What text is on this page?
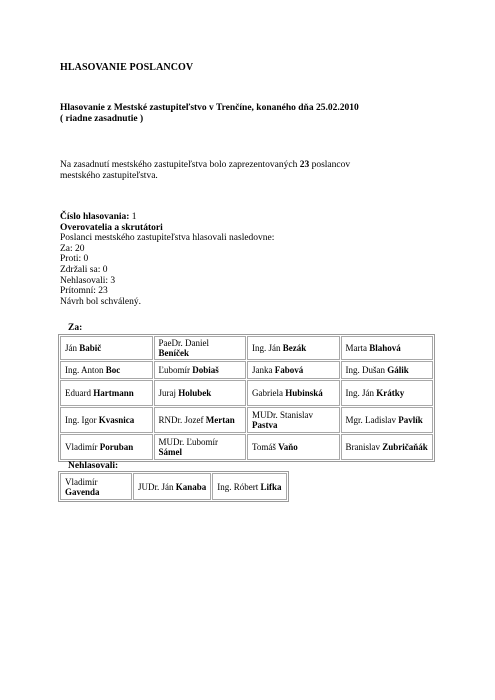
HLASOVANIE POSLANCOV
Hlasovanie z Mestské zastupiteľstvo v Trenčíne, konaného dňa 25.02.2010
( riadne zasadnutie )
Na zasadnutí mestského zastupiteľstva bolo zaprezentovaných 23 poslancov mestského zastupiteľstva.
Číslo hlasovania: 1
Overovatelia a skrutátori
Poslanci mestského zastupiteľstva hlasovali nasledovne:
Za: 20
Proti: 0
Zdržali sa: 0
Nehlasovali: 3
Prítomní: 23
Návrh bol schválený.
Za:
Ján Babič	PaeDr. Daniel Beníček	Ing. Ján Bezák	Marta Blahová
Ing. Anton Boc	Ľubomír Dobiaš	Janka Fabová	Ing. Dušan Gálik
Eduard Hartmann	Juraj Holubek	Gabriela Hubinská	Ing. Ján Krátky
Ing. Igor Kvasnica	RNDr. Jozef Mertan	MUDr. Stanislav Pastva	Mgr. Ladislav Pavlík
Vladimír Poruban	MUDr. Ľubomír Sámel	Tomáš Vaňo	Branislav Zubričaňák
Nehlasovali:
Vladimír Gavenda	JUDr. Ján Kanaba	Ing. Róbert Lifka
